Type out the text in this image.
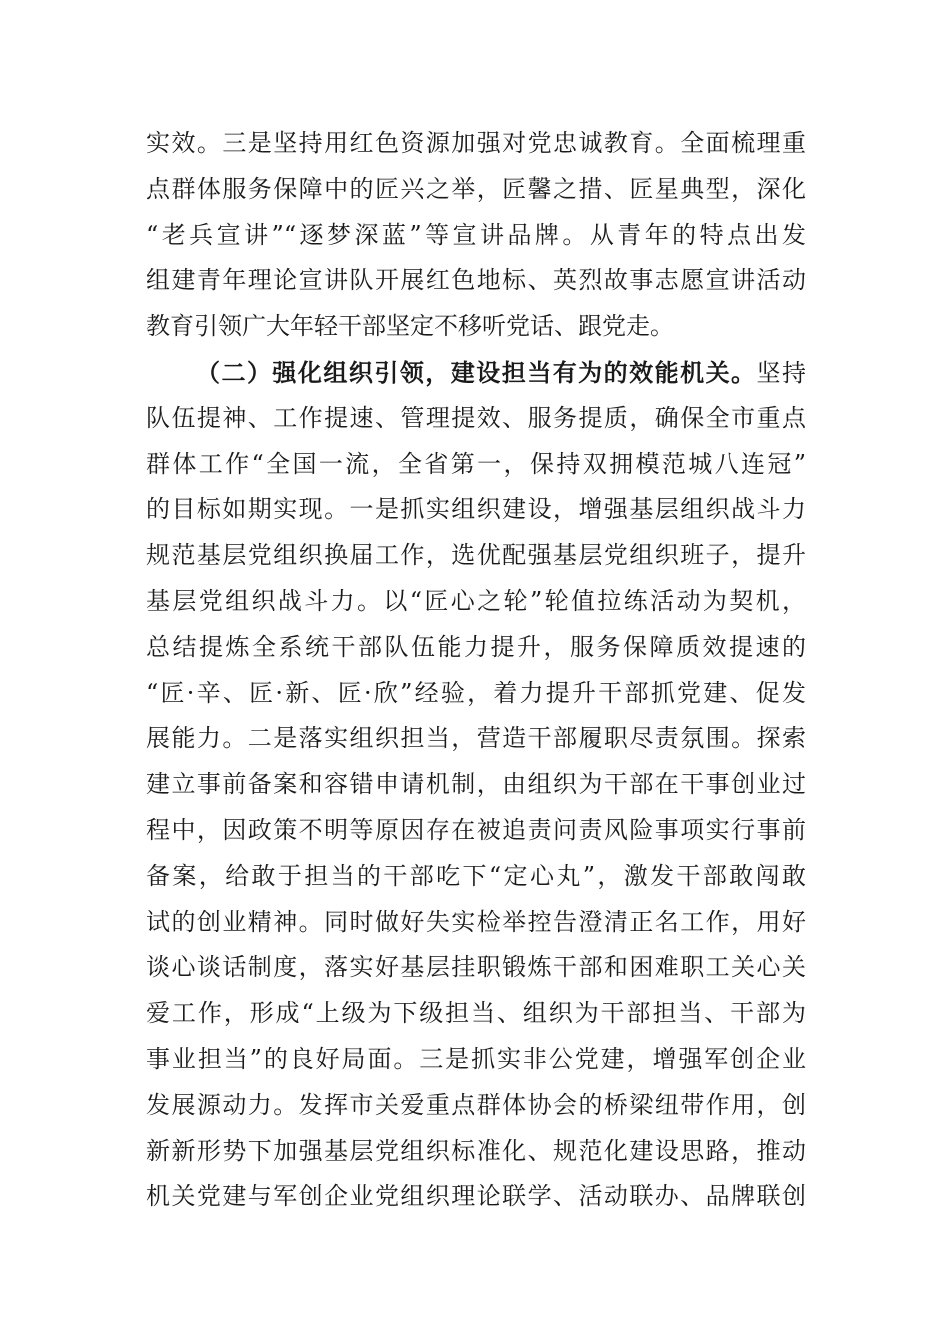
实效。三是坚持用红色资源加强对党忠诚教育。全面梳理重
点群体服务保障中的匠兴之举，匠馨之措、匠星典型，深化
“老兵宣讲”“逐梦深蓝”等宣讲品牌。从青年的特点出发
组建青年理论宣讲队开展红色地标、英烈故事志愿宣讲活动
教育引领广大年轻干部坚定不移听党话、跟党走。
（二）强化组织引领，建设担当有为的效能机关。坚持
队伍提神、工作提速、管理提效、服务提质，确保全市重点
群体工作“全国一流，全省第一，保持双拥模范城八连冠”
的目标如期实现。一是抓实组织建设，增强基层组织战斗力
规范基层党组织换届工作，选优配强基层党组织班子，提升
基层党组织战斗力。以“匠心之轮”轮值拉练活动为契机，
总结提炼全系统干部队伍能力提升，服务保障质效提速的
“匠·辛、匠·新、匠·欣”经验，着力提升干部抓党建、促发
展能力。二是落实组织担当，营造干部履职尽责氛围。探索
建立事前备案和容错申请机制，由组织为干部在干事创业过
程中，因政策不明等原因存在被追责问责风险事项实行事前
备案，给敢于担当的干部吃下“定心丸”，激发干部敢闯敢
试的创业精神。同时做好失实检举控告澄清正名工作，用好
谈心谈话制度，落实好基层挂职锻炼干部和困难职工关心关
爱工作，形成“上级为下级担当、组织为干部担当、干部为
事业担当”的良好局面。三是抓实非公党建，增强军创企业
发展源动力。发挥市关爱重点群体协会的桥梁纽带作用，创
新新形势下加强基层党组织标准化、规范化建设思路，推动
机关党建与军创企业党组织理论联学、活动联办、品牌联创
